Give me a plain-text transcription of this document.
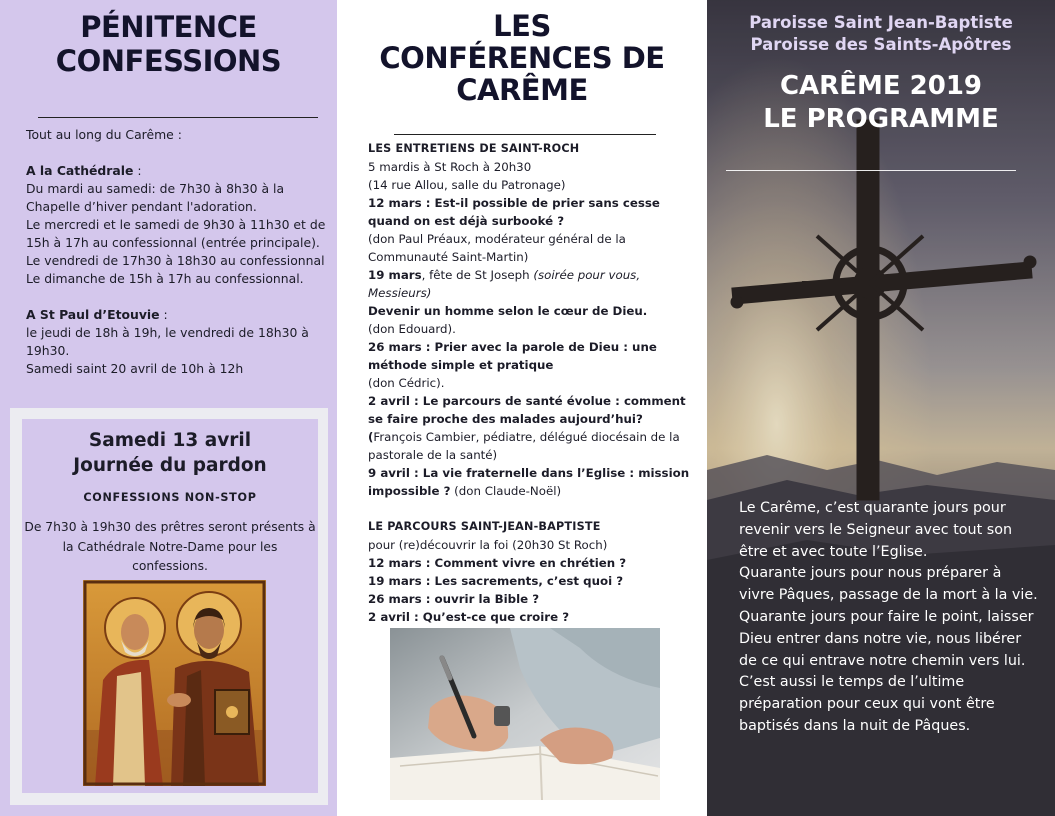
PÉNITENCE
CONFESSIONS

Tout au long du Carême :

A la Cathédrale :

Du mardi au samedi: de 7h30 à 8h30 à la Chapelle d’hiver pendant l'adoration.

Le mercredi et le samedi de 9h30 à 11h30 et de 15h à 17h au confessionnal (entrée principale).

Le vendredi de 17h30 à 18h30 au confessionnal

Le dimanche de 15h à 17h au confessionnal.

A St Paul d’Etouvie :

le jeudi de 18h à 19h, le vendredi de 18h30 à 19h30.

Samedi saint 20 avril de 10h à 12h

Samedi 13 avril
Journée du pardon
CONFESSIONS NON-STOP
De 7h30 à 19h30 des prêtres seront présents à la Cathédrale Notre-Dame pour les confessions.
LES
CONFÉRENCES DE
CARÊME

LES ENTRETIENS DE SAINT-ROCH

5 mardis à St Roch à 20h30

(14 rue Allou, salle du Patronage)

12 mars : Est-il possible de prier sans cesse quand on est déjà surbooké ?

(don Paul Préaux, modérateur général de la Communauté Saint-Martin)

19 mars, fête de St Joseph (soirée pour vous, Messieurs)

Devenir un homme selon le cœur de Dieu.

(don Edouard).

26 mars : Prier avec la parole de Dieu : une méthode simple et pratique

(don Cédric).

2 avril : Le parcours de santé évolue : comment se faire proche des malades aujourd’hui?

(François Cambier, pédiatre, délégué diocésain de la pastorale de la santé)

9 avril : La vie fraternelle dans l’Eglise : mission impossible ? (don Claude-Noël)

LE PARCOURS SAINT-JEAN-BAPTISTE

pour (re)découvrir la foi (20h30 St Roch)

12 mars : Comment vivre en chrétien ?

19 mars : Les sacrements, c’est quoi ?

26 mars : ouvrir la Bible ?

2 avril : Qu’est-ce que croire ?

Paroisse Saint Jean-Baptiste
Paroisse des Saints-Apôtres
CARÊME 2019
LE PROGRAMME

Le Carême, c’est quarante jours pour revenir vers le Seigneur avec tout son être et avec toute l’Eglise.

Quarante jours pour nous préparer à vivre Pâques, passage de la mort à la vie.

Quarante jours pour faire le point, laisser Dieu entrer dans notre vie, nous libérer de ce qui entrave notre chemin vers lui.

C’est aussi le temps de l’ultime préparation pour ceux qui vont être baptisés dans la nuit de Pâques.
